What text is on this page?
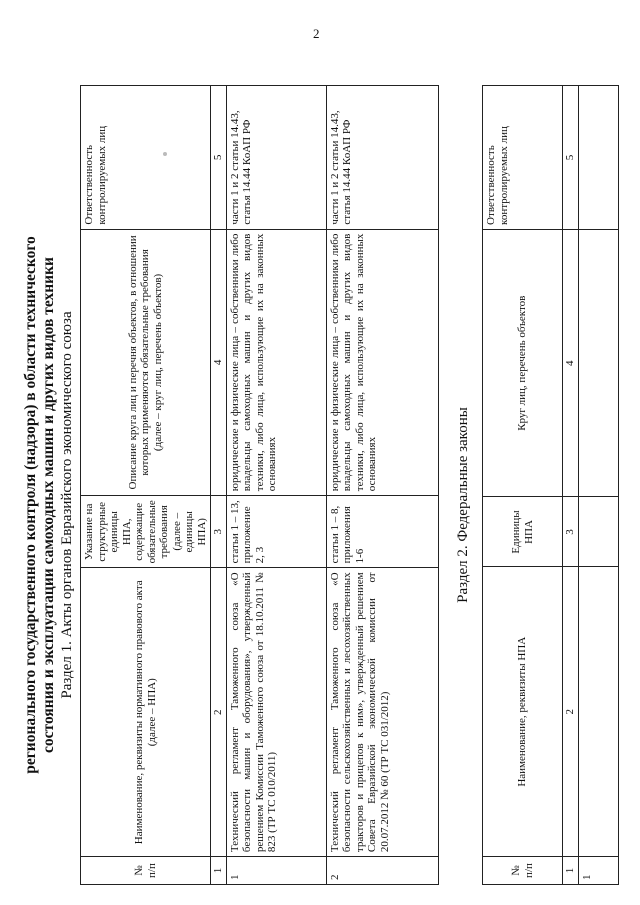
2
регионального государственного контроля (надзора) в области технического состояния и эксплуатации самоходных машин и других видов техники Раздел 1. Акты органов Евразийского экономического союза
№ п/п	Наименование, реквизиты нормативного правового акта (далее – НПА)	Указание на структурные единицы НПА, содержащие обязательные требования (далее – единицы НПА)	Описание круга лиц и перечня объектов, в отношении которых применяются обязательные требования (далее – круг лиц, перечень объектов)	Ответственность контролируемых лиц
1	2	3	4	5
1	Технический регламент Таможенного союза «О безопасности машин и оборудования», утвержденный решением Комиссии Таможенного союза от 18.10.2011 № 823 (ТР ТС 010/2011)	статьи 1 – 13, приложение 2, 3	юридические и физические лица – собственники либо владельцы самоходных машин и других видов техники, либо лица, использующие их на законных основаниях	части 1 и 2 статьи 14.43, статья 14.44 КоАП РФ
2	Технический регламент Таможенного союза «О безопасности сельскохозяйственных и лесохозяйственных тракторов и прицепов к ним», утвержденный решением Совета Евразийской экономической комиссии от 20.07.2012 № 60 (ТР ТС 031/2012)	статьи 1 – 8, приложения 1-6	юридические и физические лица – собственники либо владельцы самоходных машин и других видов техники, либо лица, использующие их на законных основаниях	части 1 и 2 статьи 14.43, статья 14.44 КоАП РФ
Раздел 2. Федеральные законы
№ п/п	Наименование, реквизиты НПА	Единицы НПА	Круг лиц, перечень объектов	Ответственность контролируемых лиц
1	2	3	4	5
1				
